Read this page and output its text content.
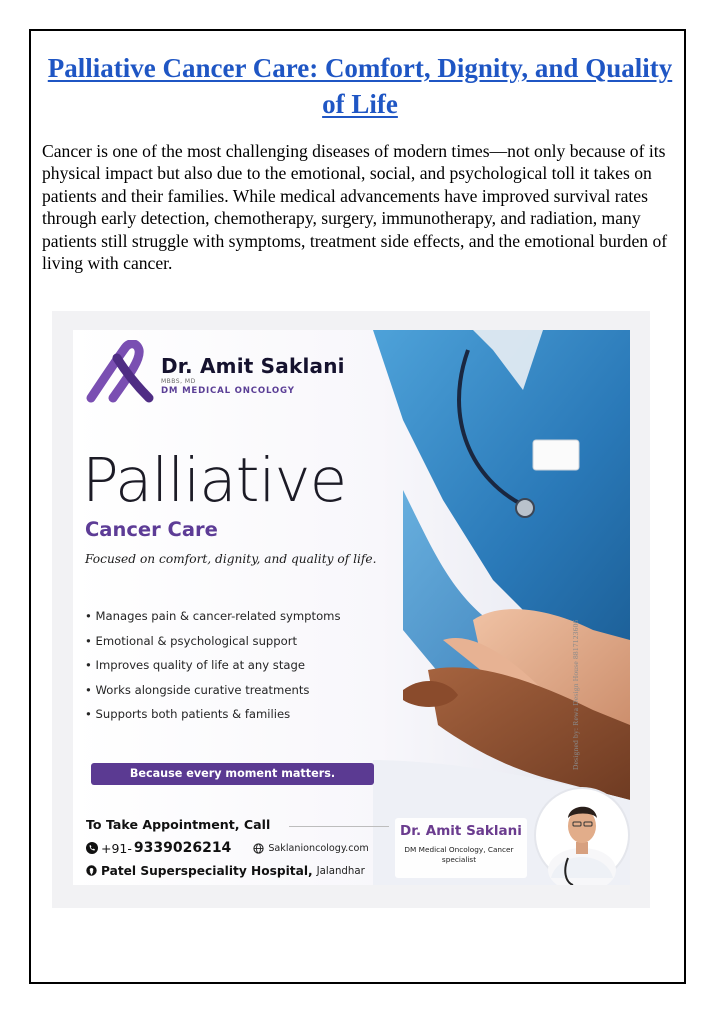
Palliative Cancer Care: Comfort, Dignity, and Quality of Life

Cancer is one of the most challenging diseases of modern times—not only because of its physical impact but also due to the emotional, social, and psychological toll it takes on patients and their families. While medical advancements have improved survival rates through early detection, chemotherapy, surgery, immunotherapy, and radiation, many patients still struggle with symptoms, treatment side effects, and the emotional burden of living with cancer.

Dr. Amit Saklani
MBBS, MD
DM MEDICAL ONCOLOGY
Palliative
Cancer Care
Focused on comfort, dignity, and quality of life.
• Manages pain & cancer-related symptoms
• Emotional & psychological support
• Improves quality of life at any stage
• Works alongside curative treatments
• Supports both patients & families
Because every moment matters.
To Take Appointment, Call
+91- 9339026214	Saklanioncology.com
Patel Superspeciality Hospital, Jalandhar
Dr. Amit Saklani

DM Medical Oncology, Cancer specialist

Designed by: Rewa Design House 8817123606
